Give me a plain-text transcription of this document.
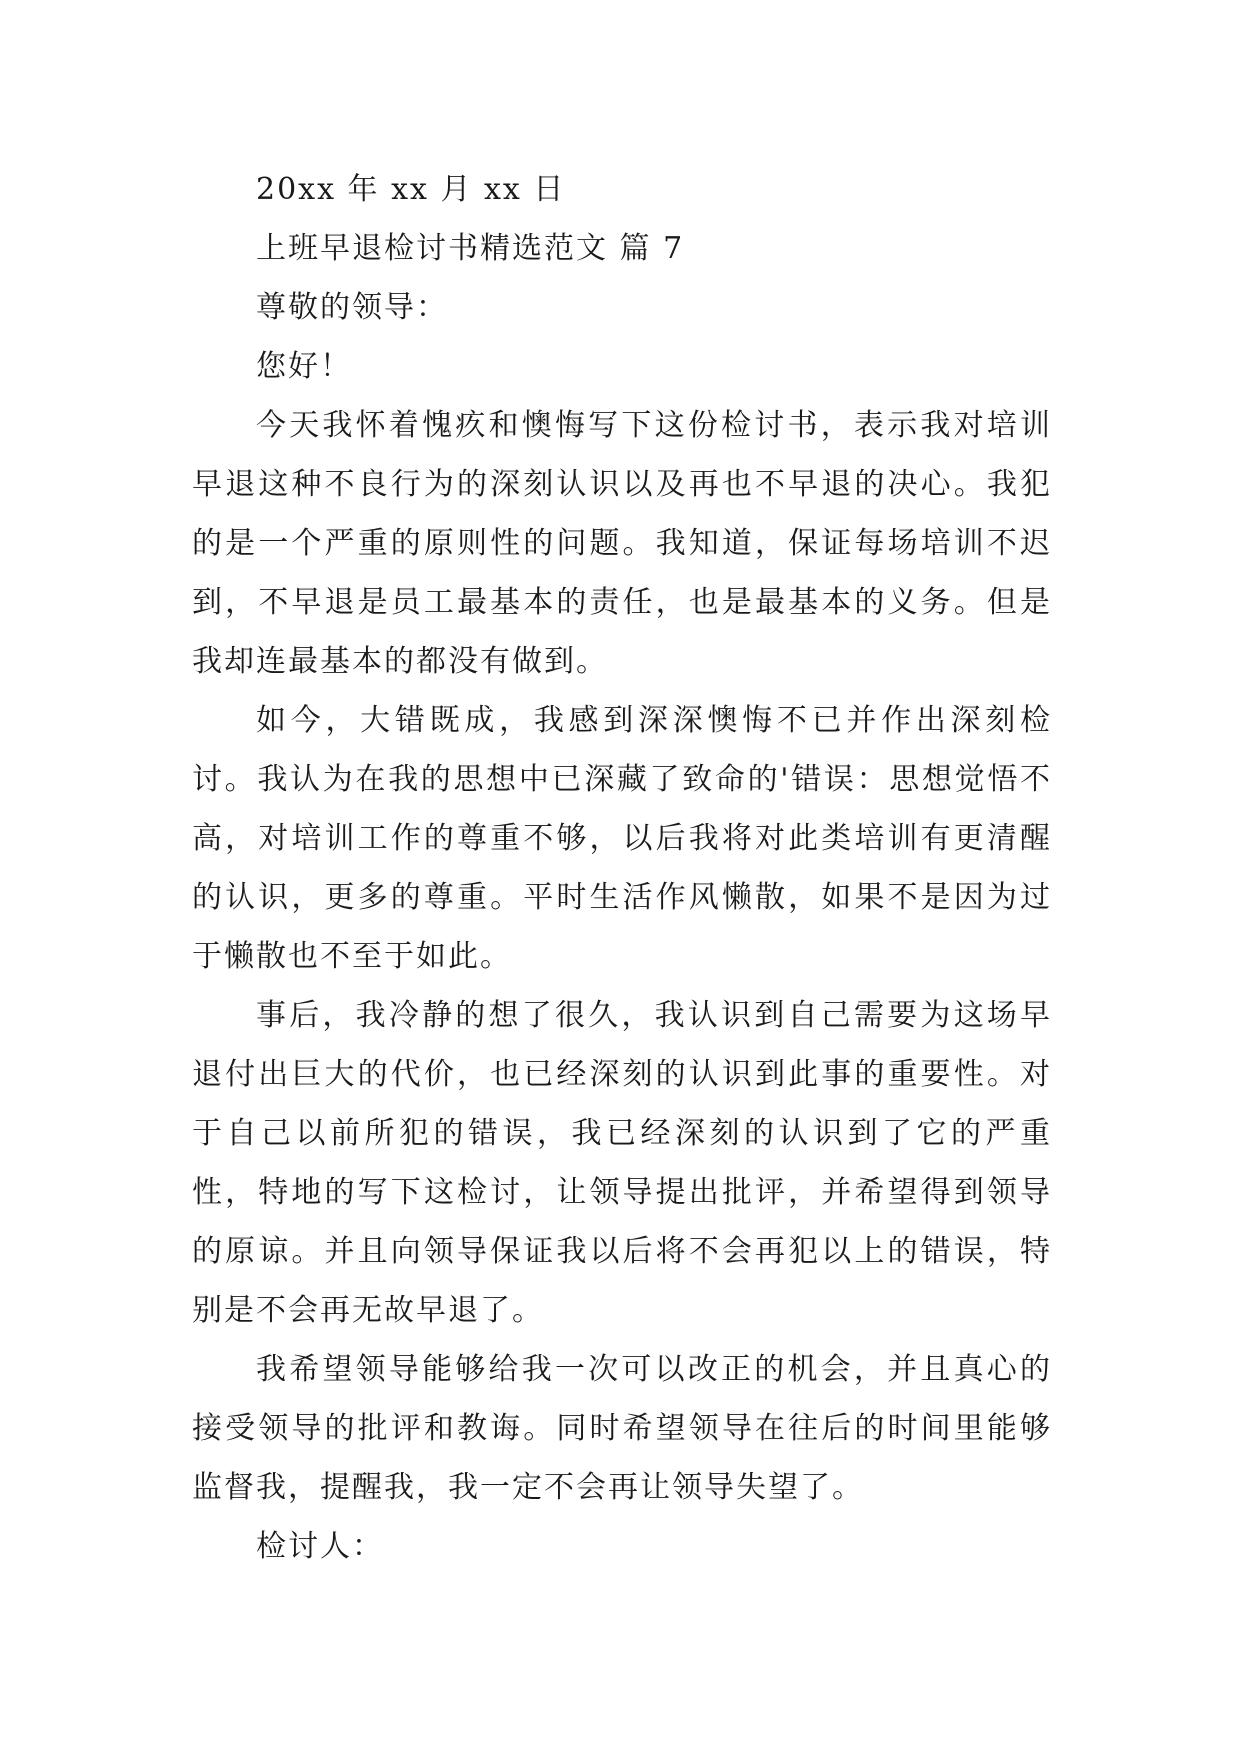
20xx 年 xx 月 xx 日

上班早退检讨书精选范文 篇 7

尊敬的领导：

您好！

今天我怀着愧疚和懊悔写下这份检讨书，表示我对培训早退这种不良行为的深刻认识以及再也不早退的决心。我犯的是一个严重的原则性的问题。我知道，保证每场培训不迟到，不早退是员工最基本的责任，也是最基本的义务。但是我却连最基本的都没有做到。

如今，大错既成，我感到深深懊悔不已并作出深刻检讨。我认为在我的思想中已深藏了致命的'错误：思想觉悟不高，对培训工作的尊重不够，以后我将对此类培训有更清醒的认识，更多的尊重。平时生活作风懒散，如果不是因为过于懒散也不至于如此。

事后，我冷静的想了很久，我认识到自己需要为这场早退付出巨大的代价，也已经深刻的认识到此事的重要性。对于自己以前所犯的错误，我已经深刻的认识到了它的严重性，特地的写下这检讨，让领导提出批评，并希望得到领导的原谅。并且向领导保证我以后将不会再犯以上的错误，特别是不会再无故早退了。

我希望领导能够给我一次可以改正的机会，并且真心的接受领导的批评和教诲。同时希望领导在往后的时间里能够监督我，提醒我，我一定不会再让领导失望了。

检讨人：
